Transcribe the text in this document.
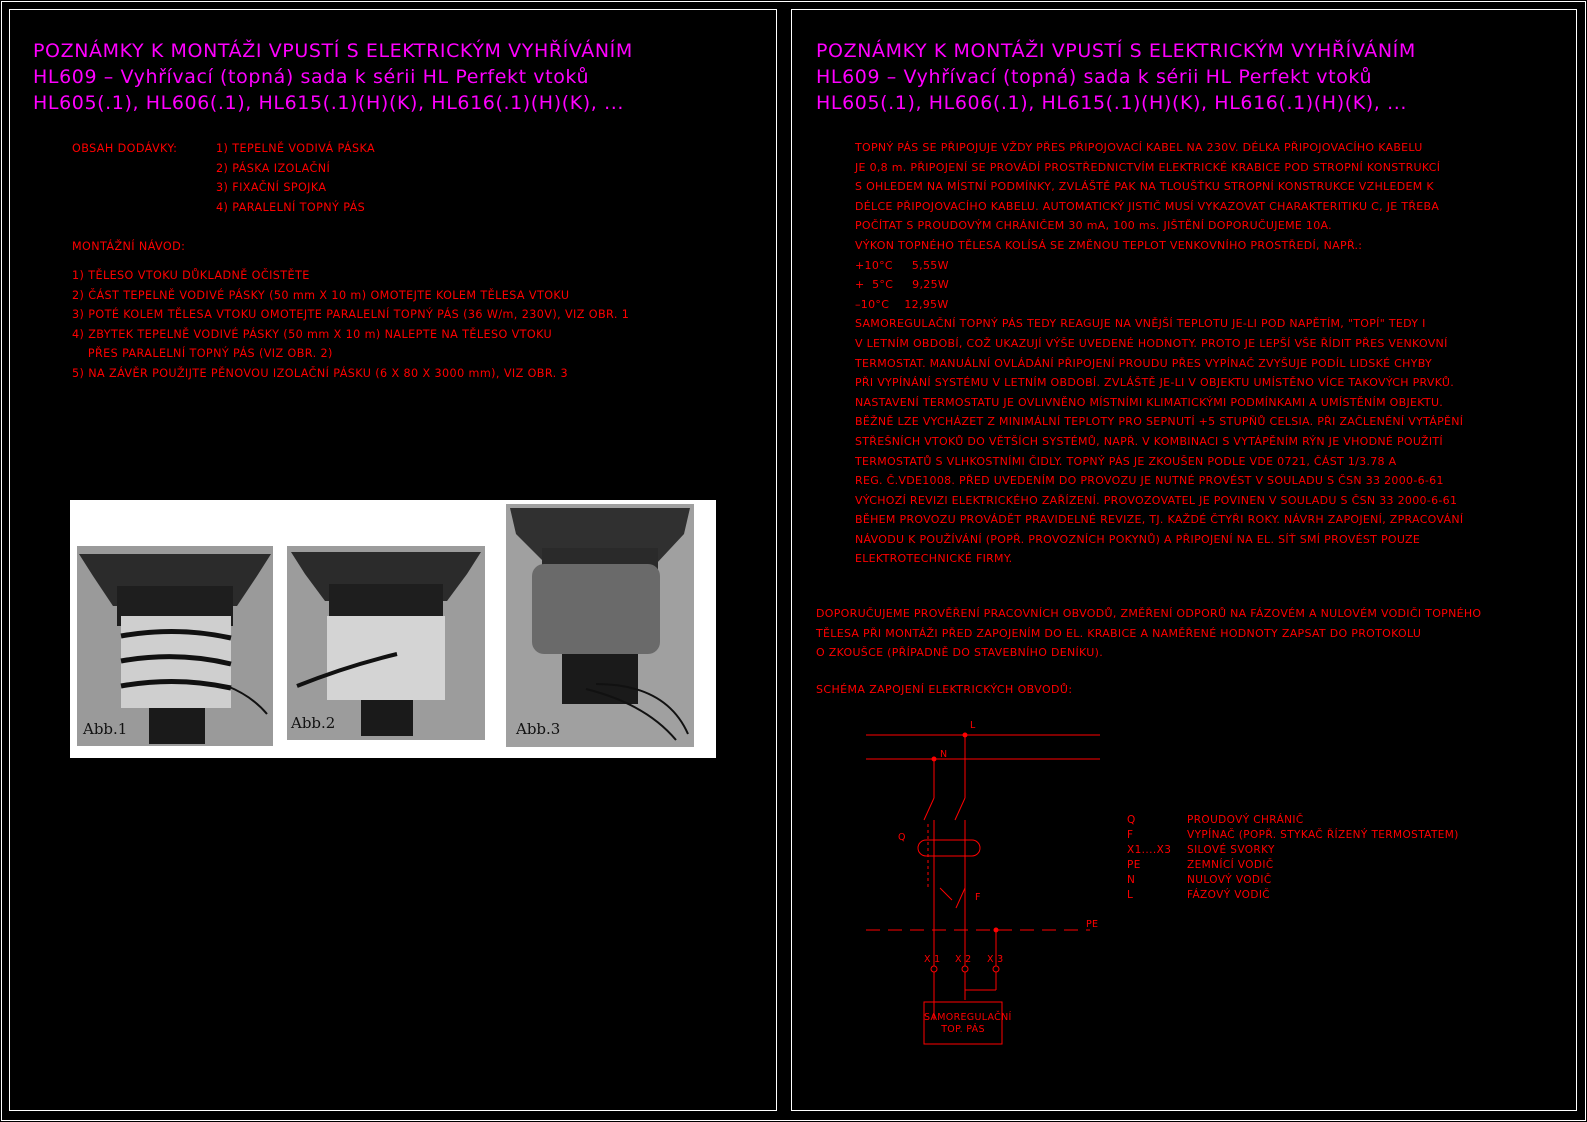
POZNÁMKY K MONTÁŽI VPUSTÍ S ELEKTRICKÝM VYHŘÍVÁNÍM
HL609 – Vyhřívací (topná) sada k sérii HL Perfekt vtoků
HL605(.1), HL606(.1), HL615(.1)(H)(K), HL616(.1)(H)(K), ...
OBSAH DODÁVKY:	1) TEPELNĚ VODIVÁ PÁSKA
2) PÁSKA IZOLAČNÍ
3) FIXAČNÍ SPOJKA
4) PARALELNÍ TOPNÝ PÁS
MONTÁŽNÍ NÁVOD:
1) TĚLESO VTOKU DŮKLADNĚ OČISTĚTE
2) ČÁST TEPELNĚ VODIVÉ PÁSKY (50 mm X 10 m) OMOTEJTE KOLEM TĚLESA VTOKU
3) POTÉ KOLEM TĚLESA VTOKU OMOTEJTE PARALELNÍ TOPNÝ PÁS (36 W/m, 230V), VIZ OBR. 1
4) ZBYTEK TEPELNĚ VODIVÉ PÁSKY (50 mm X 10 m) NALEPTE NA TĚLESO VTOKU
PŘES PARALELNÍ TOPNÝ PÁS (VIZ OBR. 2)
5) NA ZÁVĚR POUŽIJTE PĚNOVOU IZOLAČNÍ PÁSKU (6 X 80 X 3000 mm), VIZ OBR. 3
Abb.1	Abb.2	Abb.3
POZNÁMKY K MONTÁŽI VPUSTÍ S ELEKTRICKÝM VYHŘÍVÁNÍM
HL609 – Vyhřívací (topná) sada k sérii HL Perfekt vtoků
HL605(.1), HL606(.1), HL615(.1)(H)(K), HL616(.1)(H)(K), ...
TOPNÝ PÁS SE PŘIPOJUJE VŽDY PŘES PŘIPOJOVACÍ KABEL NA 230V. DÉLKA PŘIPOJOVACÍHO KABELU
JE 0,8 m. PŘIPOJENÍ SE PROVÁDÍ PROSTŘEDNICTVÍM ELEKTRICKÉ KRABICE POD STROPNÍ KONSTRUKCÍ
S OHLEDEM NA MÍSTNÍ PODMÍNKY, ZVLÁŠTĚ PAK NA TLOUŠŤKU STROPNÍ KONSTRUKCE VZHLEDEM K
DÉLCE PŘIPOJOVACÍHO KABELU. AUTOMATICKÝ JISTIČ MUSÍ VYKAZOVAT CHARAKTERITIKU C, JE TŘEBA
POČÍTAT S PROUDOVÝM CHRÁNIČEM 30 mA, 100 ms. JIŠTĚNÍ DOPORUČUJEME 10A.
VÝKON TOPNÉHO TĚLESA KOLÍSÁ SE ZMĚNOU TEPLOT VENKOVNÍHO PROSTŘEDÍ, NAPŘ.:
+10°C     5,55W
+  5°C     9,25W
–10°C    12,95W
SAMOREGULAČNÍ TOPNÝ PÁS TEDY REAGUJE NA VNĚJŠÍ TEPLOTU JE-LI POD NAPĚTÍM, "TOPÍ" TEDY I
V LETNÍM OBDOBÍ, COŽ UKAZUJÍ VÝŠE UVEDENÉ HODNOTY. PROTO JE LEPŠÍ VŠE ŘÍDIT PŘES VENKOVNÍ
TERMOSTAT. MANUÁLNÍ OVLÁDÁNÍ PŘIPOJENÍ PROUDU PŘES VYPÍNAČ ZVYŠUJE PODÍL LIDSKÉ CHYBY
PŘI VYPÍNÁNÍ SYSTÉMU V LETNÍM OBDOBÍ. ZVLÁŠTĚ JE-LI V OBJEKTU UMÍSTĚNO VÍCE TAKOVÝCH PRVKŮ.
NASTAVENÍ TERMOSTATU JE OVLIVNĚNO MÍSTNÍMI KLIMATICKÝMI PODMÍNKAMI A UMÍSTĚNÍM OBJEKTU.
BĚŽNĚ LZE VYCHÁZET Z MINIMÁLNÍ TEPLOTY PRO SEPNUTÍ +5 STUPŇŮ CELSIA. PŘI ZAČLENĚNÍ VYTÁPĚNÍ
STŘEŠNÍCH VTOKŮ DO VĚTŠÍCH SYSTÉMŮ, NAPŘ. V KOMBINACI S VYTÁPĚNÍM RÝN JE VHODNÉ POUŽITÍ
TERMOSTATŮ S VLHKOSTNÍMI ČIDLY. TOPNÝ PÁS JE ZKOUŠEN PODLE VDE 0721, ČÁST 1/3.78 A
REG. Č.VDE1008. PŘED UVEDENÍM DO PROVOZU JE NUTNÉ PROVÉST V SOULADU S ČSN 33 2000-6-61
VÝCHOZÍ REVIZI ELEKTRICKÉHO ZAŘÍZENÍ. PROVOZOVATEL JE POVINEN V SOULADU S ČSN 33 2000-6-61
BĚHEM PROVOZU PROVÁDĚT PRAVIDELNÉ REVIZE, TJ. KAŽDÉ ČTYŘI ROKY. NÁVRH ZAPOJENÍ, ZPRACOVÁNÍ
NÁVODU K POUŽÍVÁNÍ (POPŘ. PROVOZNÍCH POKYNŮ) A PŘIPOJENÍ NA EL. SÍŤ SMÍ PROVÉST POUZE
ELEKTROTECHNICKÉ FIRMY.
DOPORUČUJEME PROVĚŘENÍ PRACOVNÍCH OBVODŮ, ZMĚŘENÍ ODPORŮ NA FÁZOVÉM A NULOVÉM VODIČI TOPNÉHO
TĚLESA PŘI MONTÁŽI PŘED ZAPOJENÍM DO EL. KRABICE A NAMĚŘENÉ HODNOTY ZAPSAT DO PROTOKOLU
O ZKOUŠCE (PŘÍPADNĚ DO STAVEBNÍHO DENÍKU).
SCHÉMA ZAPOJENÍ ELEKTRICKÝCH OBVODŮ:
L
N
Q
F
PE
X 1 X 2 X 3
SAMOREGULAČNÍ
TOP. PÁS
Q	PROUDOVÝ CHRÁNIČ
F	VYPÍNAČ (POPŘ. STYKAČ ŘÍZENÝ TERMOSTATEM)
X1....X3 SILOVÉ SVORKY
PE	ZEMNÍCÍ VODIČ
N	NULOVÝ VODIČ
L	FÁZOVÝ VODIČ
